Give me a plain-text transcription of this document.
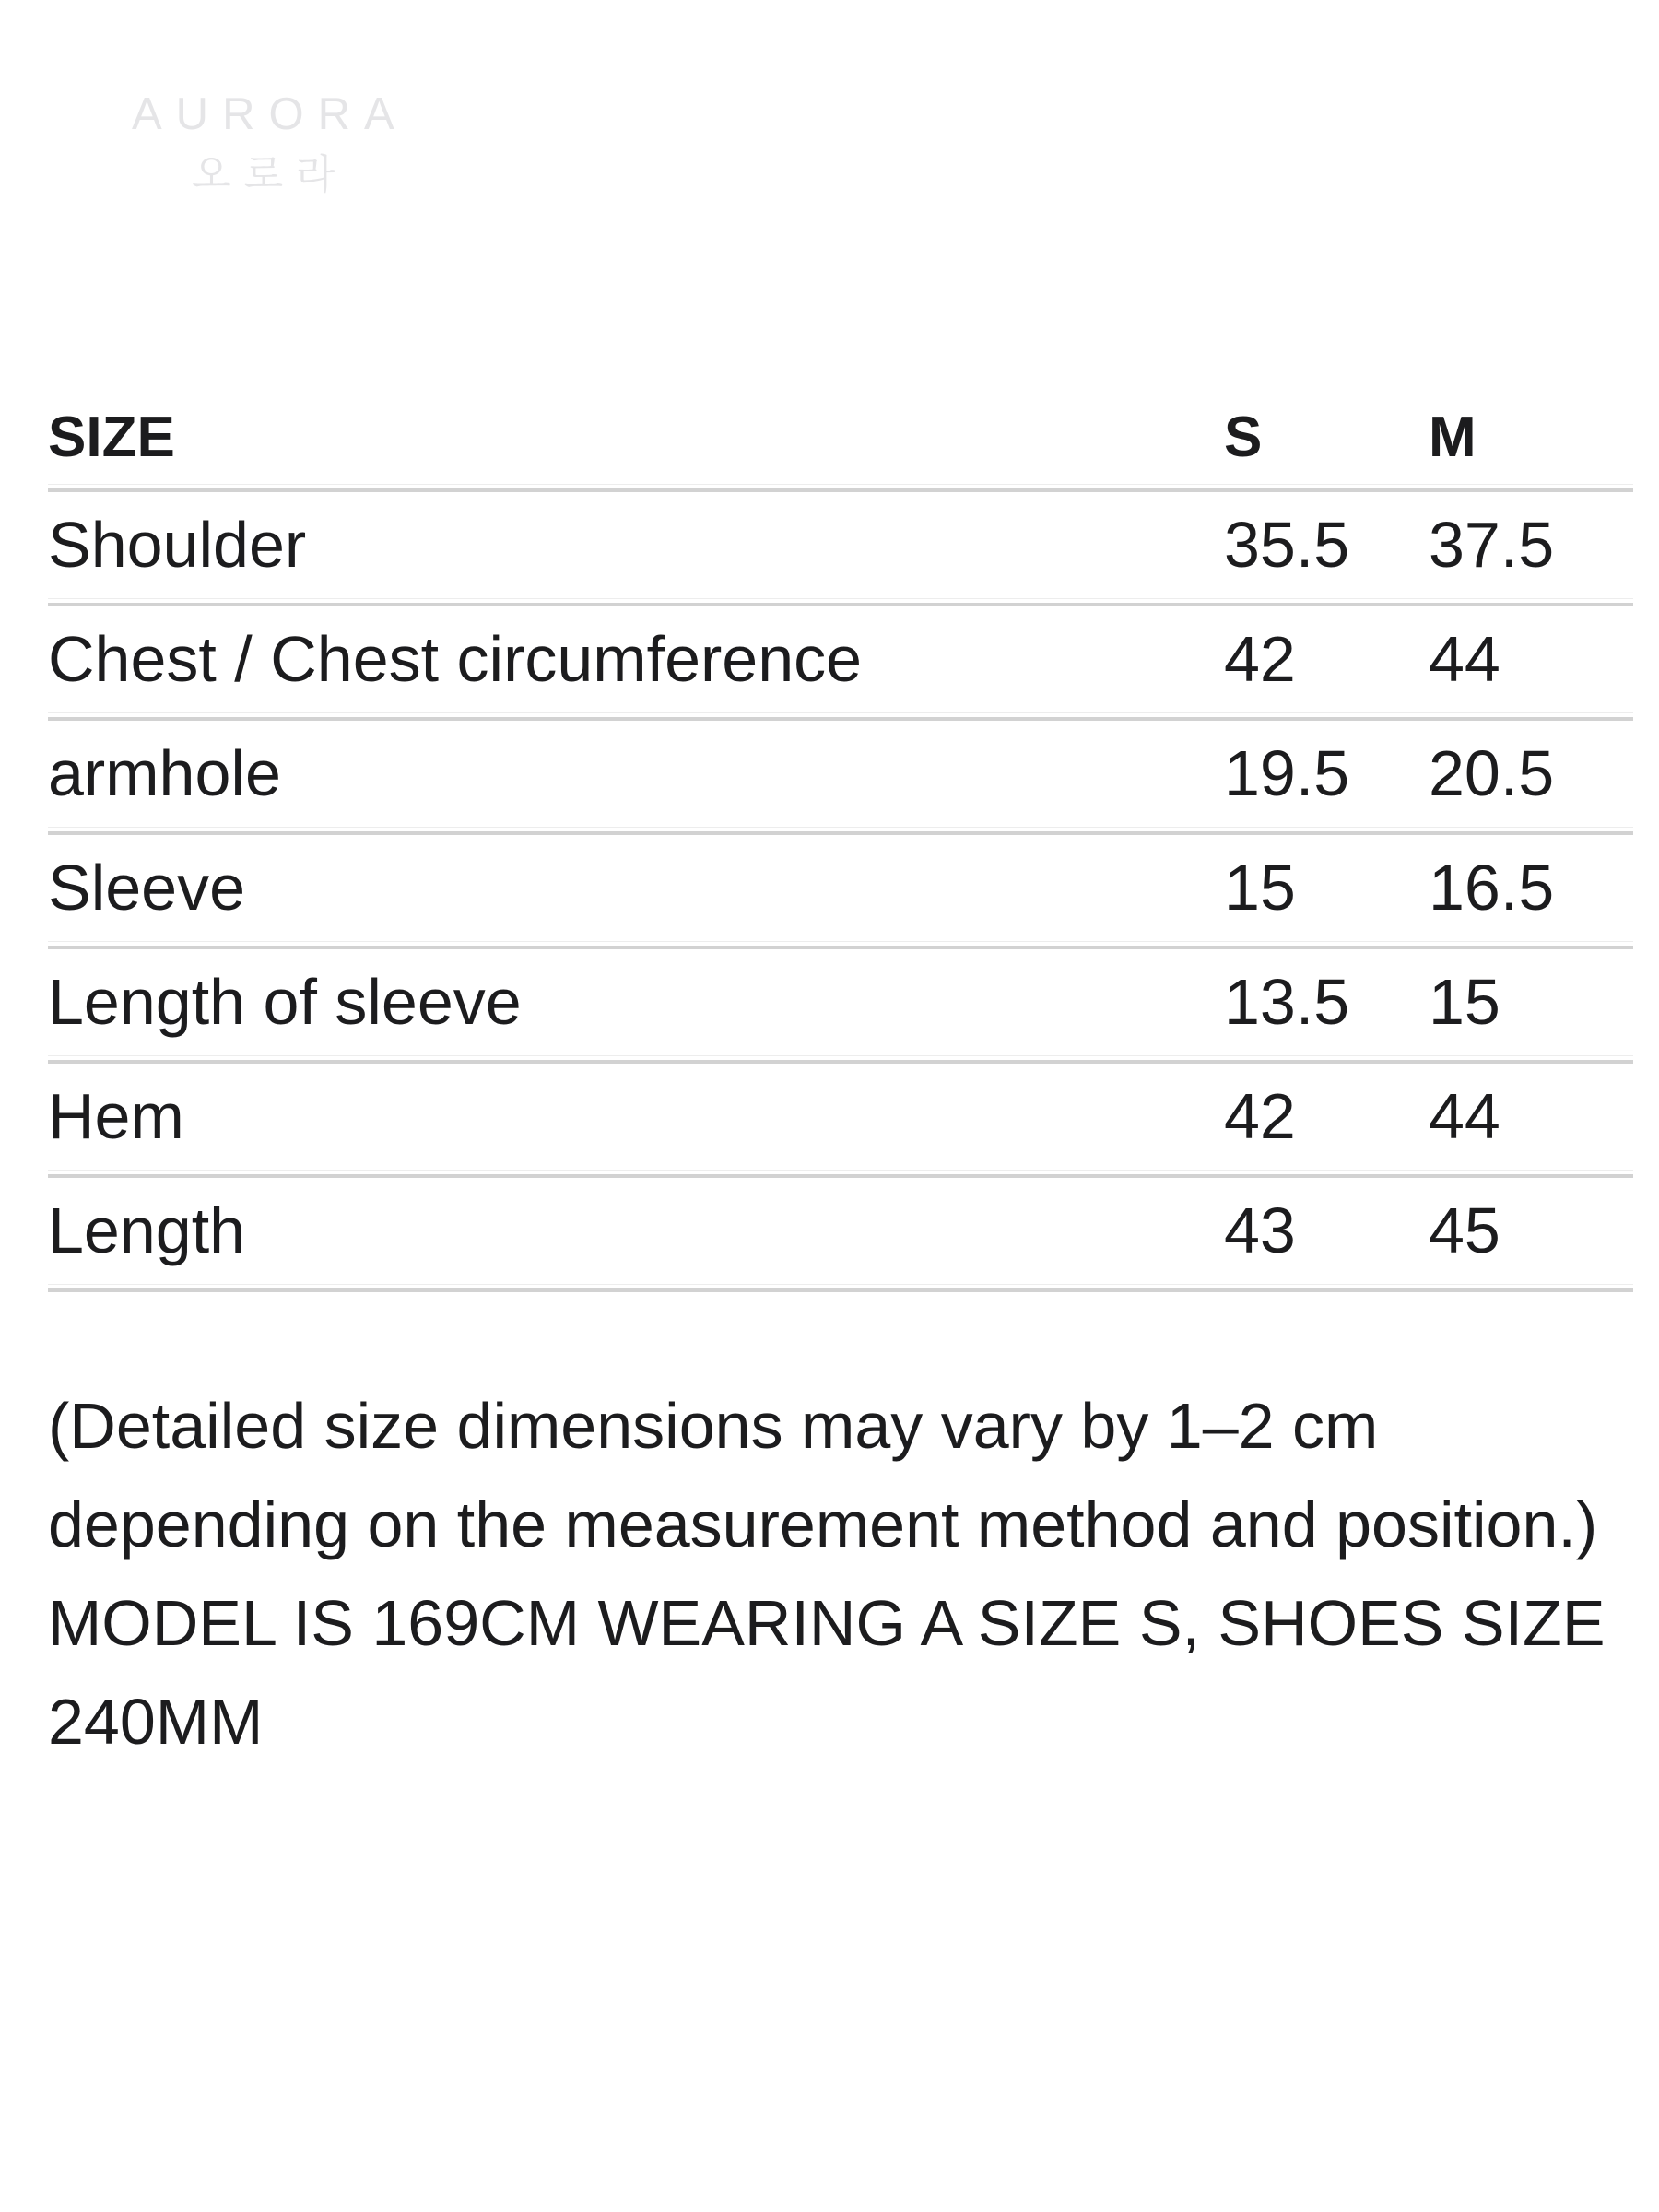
AURORA
오로라
SIZE	S	M
Shoulder	35.5	37.5
Chest / Chest circumference	42	44
armhole	19.5	20.5
Sleeve	15	16.5
Length of sleeve	13.5	15
Hem	42	44
Length	43	45

(Detailed size dimensions may vary by 1–2 cm depending on the measurement method and position.)

MODEL IS 169CM WEARING A SIZE S, SHOES SIZE 240MM
